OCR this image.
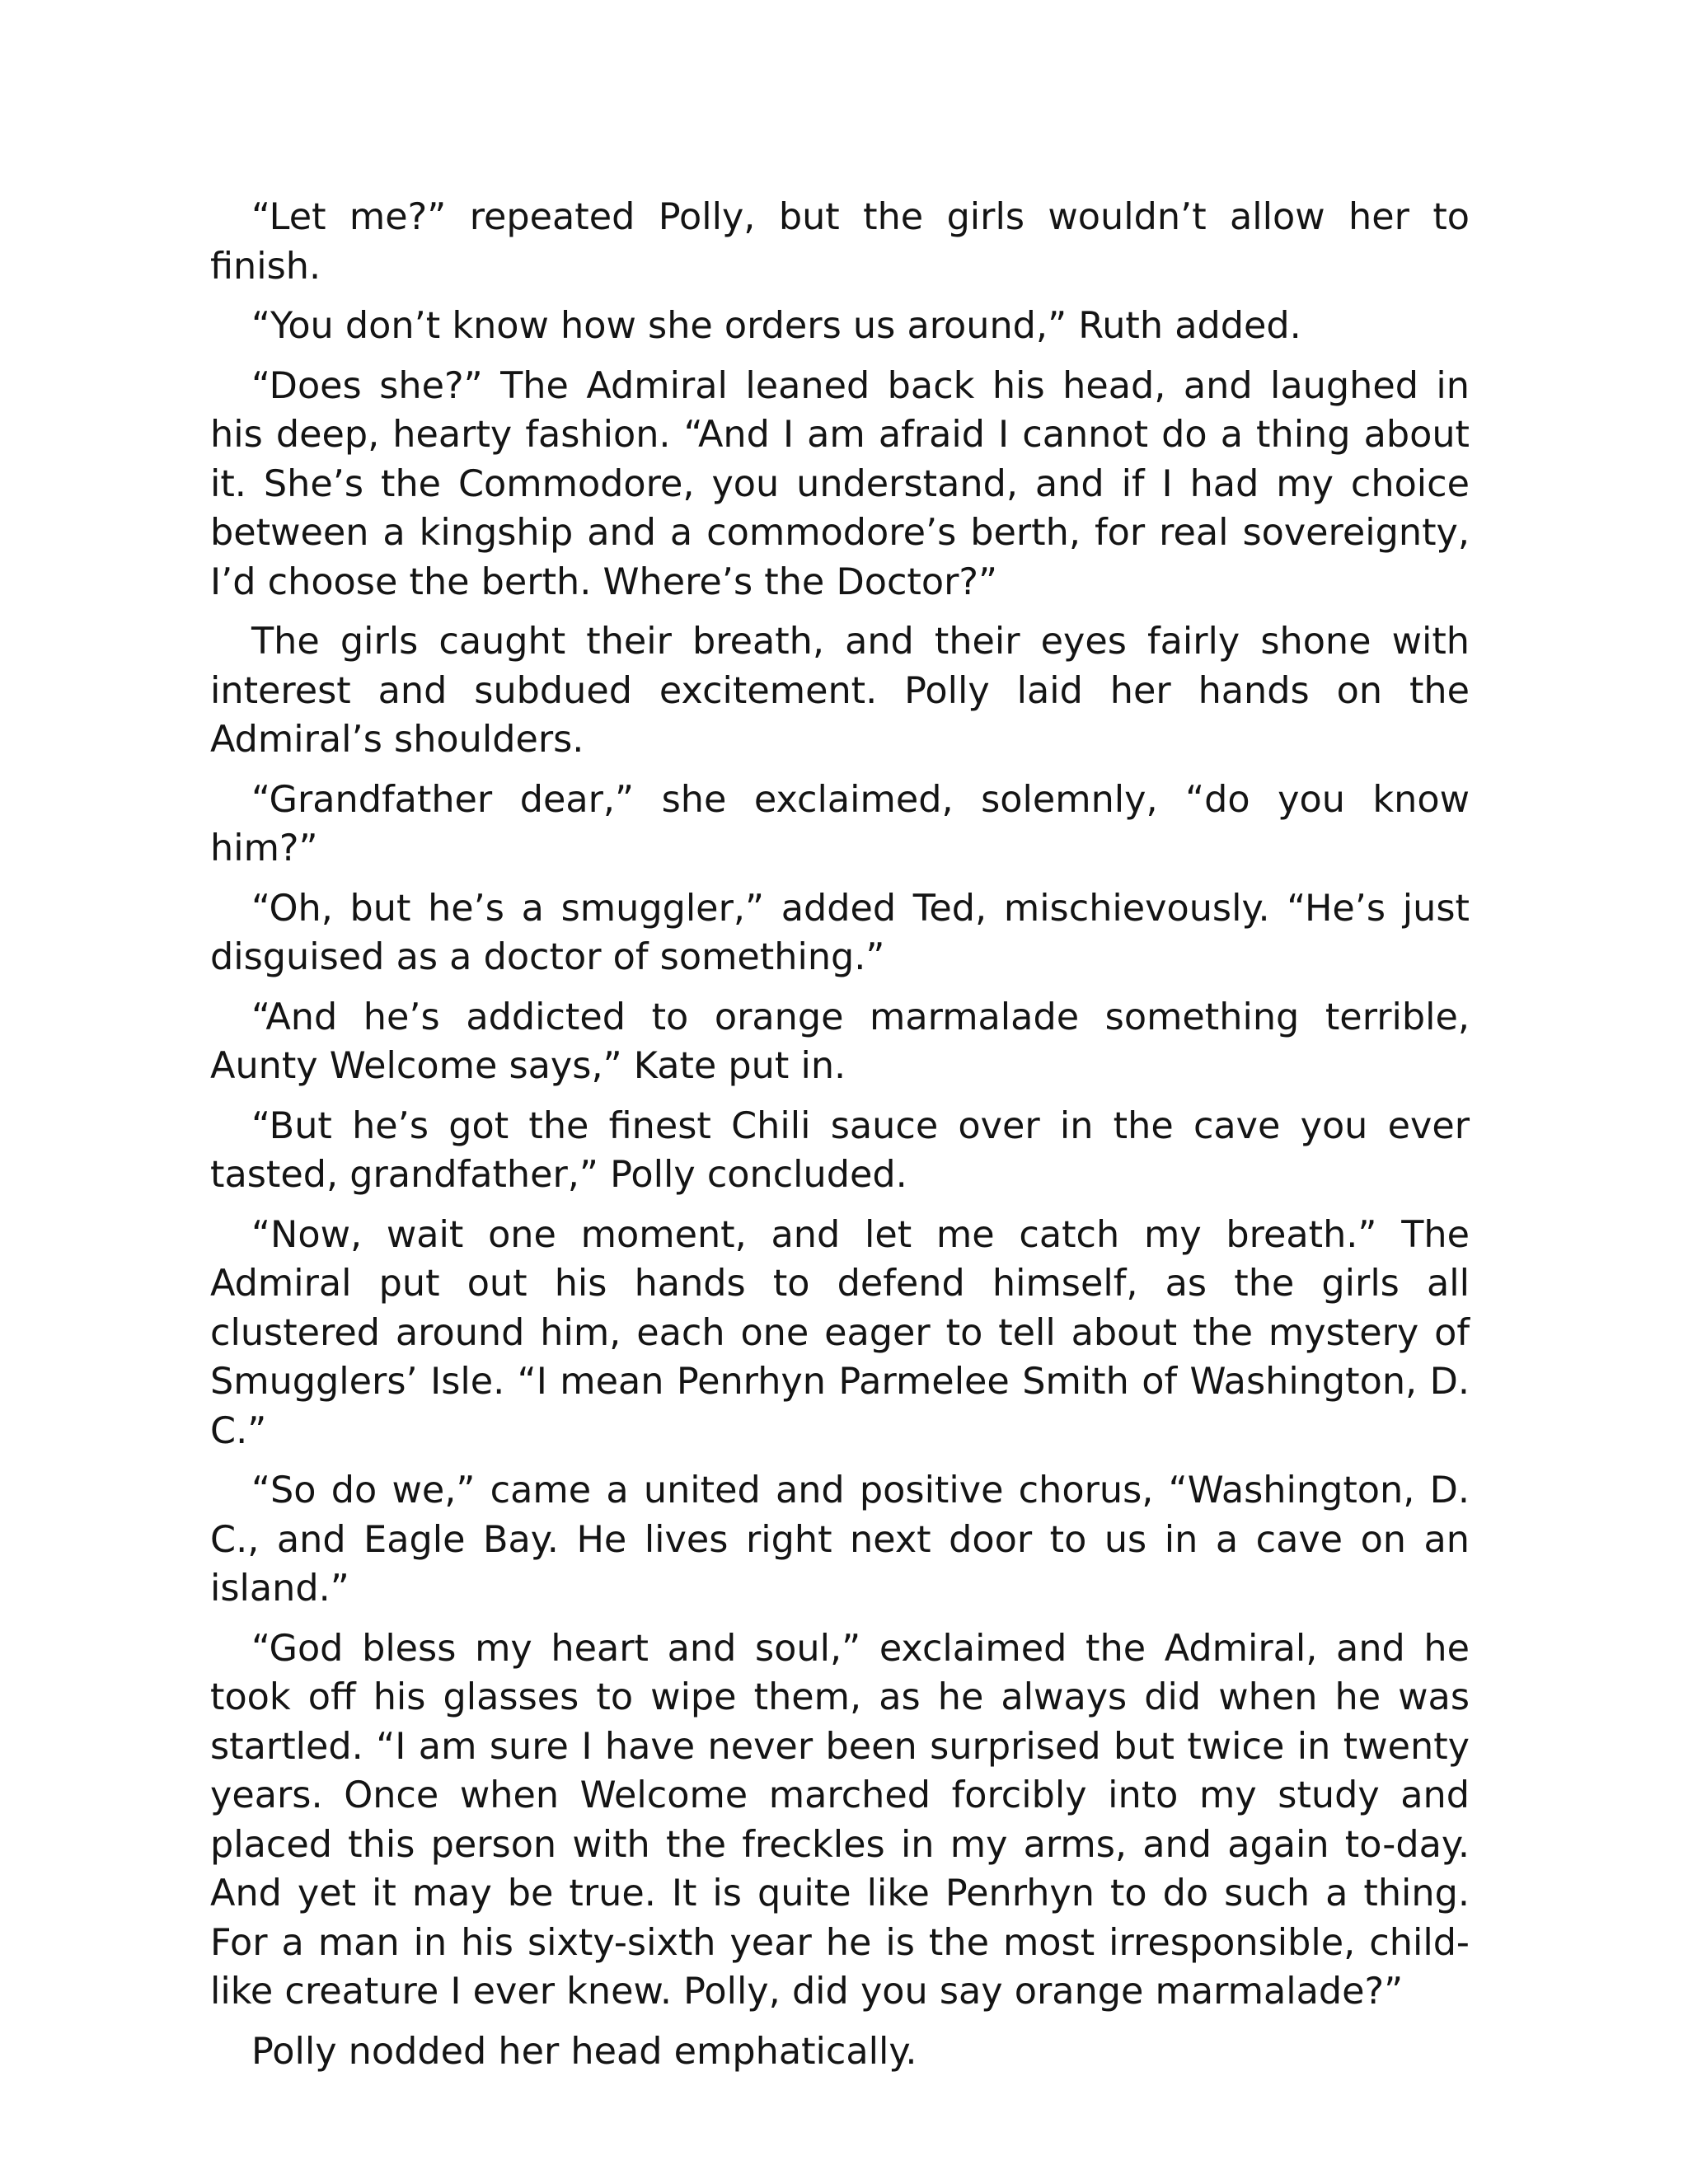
“Let me?” repeated Polly, but the girls wouldn’t allow her to finish.

“You don’t know how she orders us around,” Ruth added.

“Does she?” The Admiral leaned back his head, and laughed in his deep, hearty fashion. “And I am afraid I cannot do a thing about it. She’s the Commodore, you understand, and if I had my choice between a kingship and a commodore’s berth, for real sovereignty, I’d choose the berth. Where’s the Doctor?”

The girls caught their breath, and their eyes fairly shone with interest and subdued excitement. Polly laid her hands on the Admiral’s shoulders.

“Grandfather dear,” she exclaimed, solemnly, “do you know him?”

“Oh, but he’s a smuggler,” added Ted, mischievously. “He’s just disguised as a doctor of something.”

“And he’s addicted to orange marmalade something terrible, Aunty Welcome says,” Kate put in.

“But he’s got the finest Chili sauce over in the cave you ever tasted, grandfather,” Polly concluded.

“Now, wait one moment, and let me catch my breath.” The Admiral put out his hands to defend himself, as the girls all clustered around him, each one eager to tell about the mystery of Smugglers’ Isle. “I mean Penrhyn Parmelee Smith of Washington, D. C.”

“So do we,” came a united and positive chorus, “Washington, D. C., and Eagle Bay. He lives right next door to us in a cave on an island.”

“God bless my heart and soul,” exclaimed the Admiral, and he took off his glasses to wipe them, as he always did when he was startled. “I am sure I have never been surprised but twice in twenty years. Once when Welcome marched forcibly into my study and placed this person with the freckles in my arms, and again to-day. And yet it may be true. It is quite like Penrhyn to do such a thing. For a man in his sixty-sixth year he is the most irresponsible, child-like creature I ever knew. Polly, did you say orange marmalade?”

Polly nodded her head emphatically.
